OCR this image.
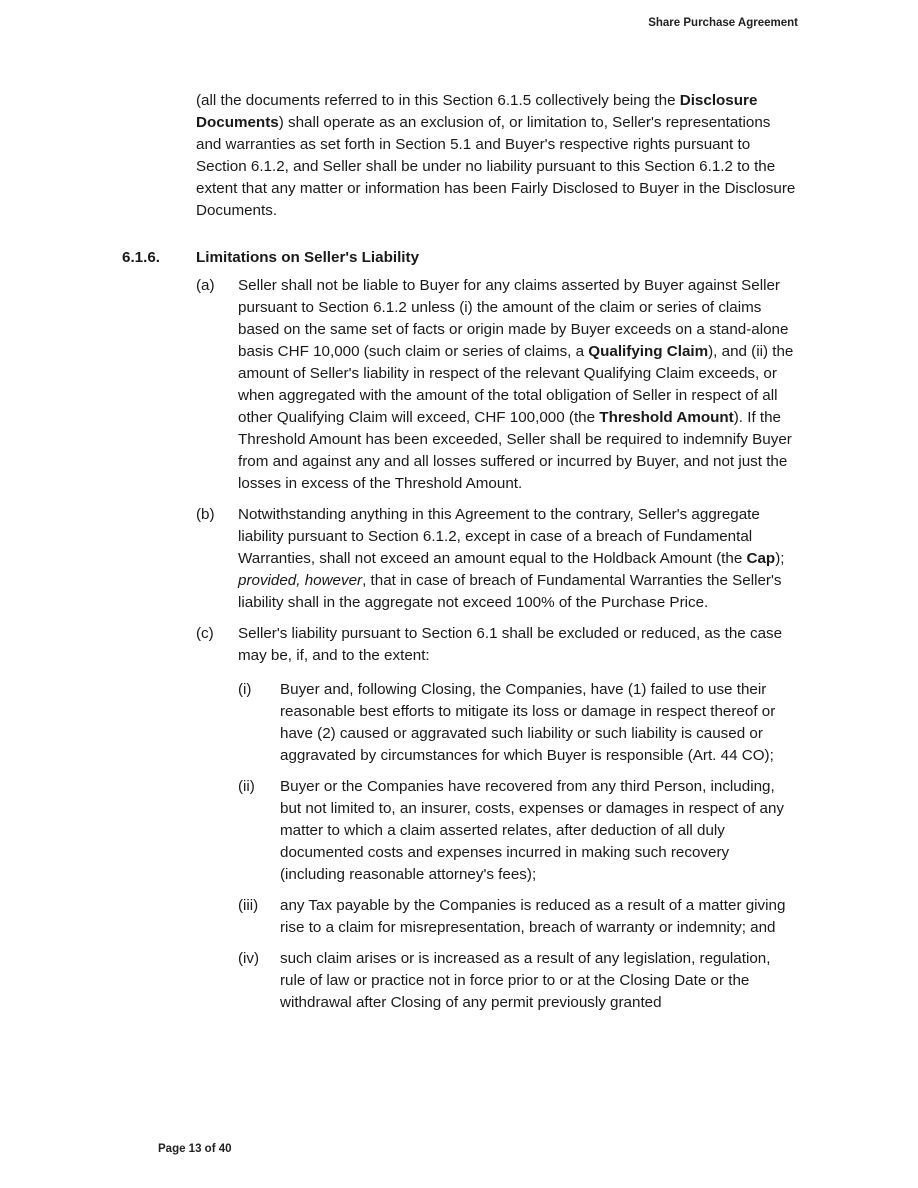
Share Purchase Agreement

(all the documents referred to in this Section 6.1.5 collectively being the Disclosure Documents) shall operate as an exclusion of, or limitation to, Seller's representations and warranties as set forth in Section 5.1 and Buyer's respective rights pursuant to Section 6.1.2, and Seller shall be under no liability pursuant to this Section 6.1.2 to the extent that any matter or information has been Fairly Disclosed to Buyer in the Disclosure Documents.

6.1.6.	Limitations on Seller's Liability
(a)	Seller shall not be liable to Buyer for any claims asserted by Buyer against Seller pursuant to Section 6.1.2 unless (i) the amount of the claim or series of claims based on the same set of facts or origin made by Buyer exceeds on a stand-alone basis CHF 10,000 (such claim or series of claims, a Qualifying Claim), and (ii) the amount of Seller's liability in respect of the relevant Qualifying Claim exceeds, or when aggregated with the amount of the total obligation of Seller in respect of all other Qualifying Claim will exceed, CHF 100,000 (the Threshold Amount). If the Threshold Amount has been exceeded, Seller shall be required to indemnify Buyer from and against any and all losses suffered or incurred by Buyer, and not just the losses in excess of the Threshold Amount.

(b)	Notwithstanding anything in this Agreement to the contrary, Seller's aggregate liability pursuant to Section 6.1.2, except in case of a breach of Fundamental Warranties, shall not exceed an amount equal to the Holdback Amount (the Cap); provided, however, that in case of breach of Fundamental Warranties the Seller's liability shall in the aggregate not exceed 100% of the Purchase Price.

(c)	Seller's liability pursuant to Section 6.1 shall be excluded or reduced, as the case may be, if, and to the extent:

(i)	Buyer and, following Closing, the Companies, have (1) failed to use their reasonable best efforts to mitigate its loss or damage in respect thereof or have (2) caused or aggravated such liability or such liability is caused or aggravated by circumstances for which Buyer is responsible (Art. 44 CO);

(ii)	Buyer or the Companies have recovered from any third Person, including, but not limited to, an insurer, costs, expenses or damages in respect of any matter to which a claim asserted relates, after deduction of all duly documented costs and expenses incurred in making such recovery (including reasonable attorney's fees);

(iii)	any Tax payable by the Companies is reduced as a result of a matter giving rise to a claim for misrepresentation, breach of warranty or indemnity; and

(iv)	such claim arises or is increased as a result of any legislation, regulation, rule of law or practice not in force prior to or at the Closing Date or the withdrawal after Closing of any permit previously granted

Page 13 of 40
